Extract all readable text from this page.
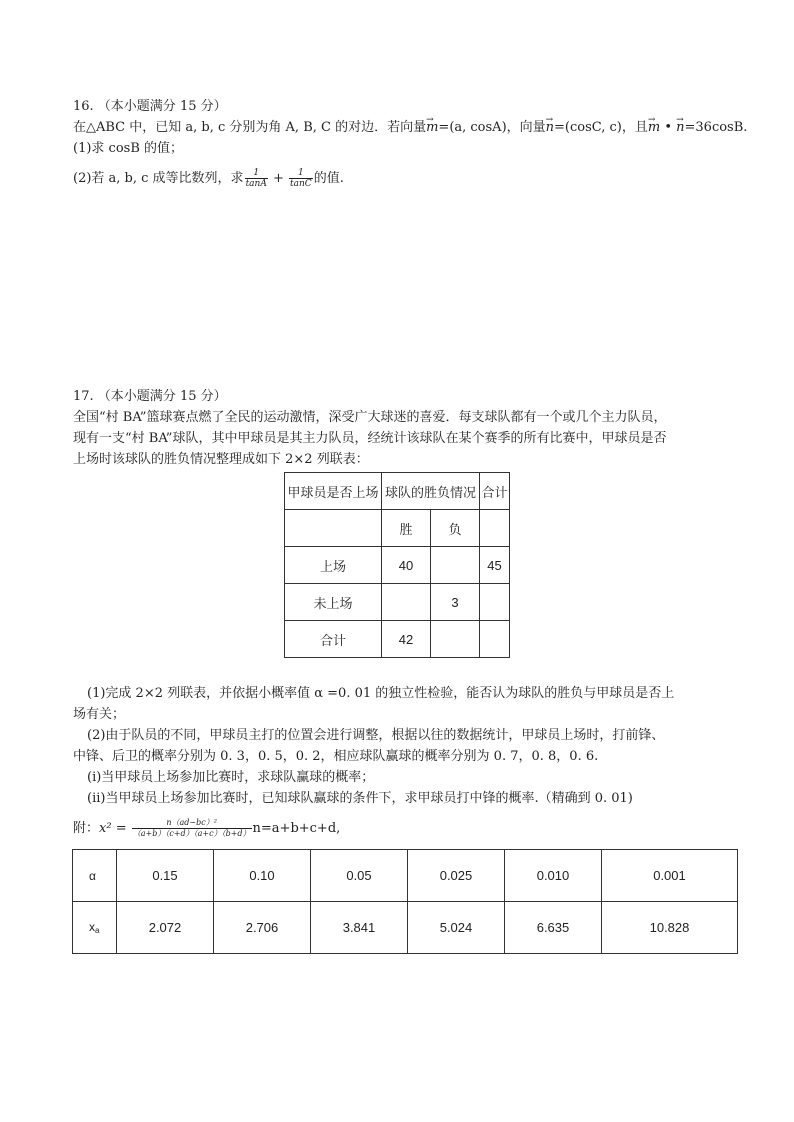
16. （本小题满分 15 分）
在△ABC 中，已知 a, b, c 分别为角 A, B, C 的对边．若向量→ m=(a, cosA)，向量→ n=(cosC, c)，且→ m • → n=36cosB.
(1)求 cosB 的值；
(2)若 a, b, c 成等比数列，求 $\frac{1}{\tan A} + \frac{1}{\tan C}$ 的值.
17. （本小题满分 15 分）
全国“村 BA”篮球赛点燃了全民的运动激情，深受广大球迷的喜爱．每支球队都有一个或几个主力队员，
现有一支“村 BA”球队，其中甲球员是其主力队员，经统计该球队在某个赛季的所有比赛中，甲球员是否
上场时该球队的胜负情况整理成如下 2×2 列联表：
甲球员是否上场	球队的胜负情况		合计
	胜	负	
上场	40		45
未上场		3	
合计	42		
(1)完成 2×2 列联表，并依据小概率值 α =0. 01 的独立性检验，能否认为球队的胜负与甲球员是否上
场有关；
(2)由于队员的不同，甲球员主打的位置会进行调整，根据以往的数据统计，甲球员上场时，打前锋、
中锋、后卫的概率分别为 0. 3，0. 5，0. 2，相应球队赢球的概率分别为 0. 7，0. 8，0. 6.
(i)当甲球员上场参加比赛时，求球队赢球的概率；
(ii)当甲球员上场参加比赛时，已知球队赢球的条件下，求甲球员打中锋的概率.（精确到 0. 01)
附：$x^2 = \frac{\text{n（ad−bc）²}}{(a+b)(c+d)(a+c)(b+d)} n=a+b+c+d$,
α	0.15	0.10	0.05	0.025	0.010	0.001
$x_a$	2.072	2.706	3.841	5.024	6.635	10.828
